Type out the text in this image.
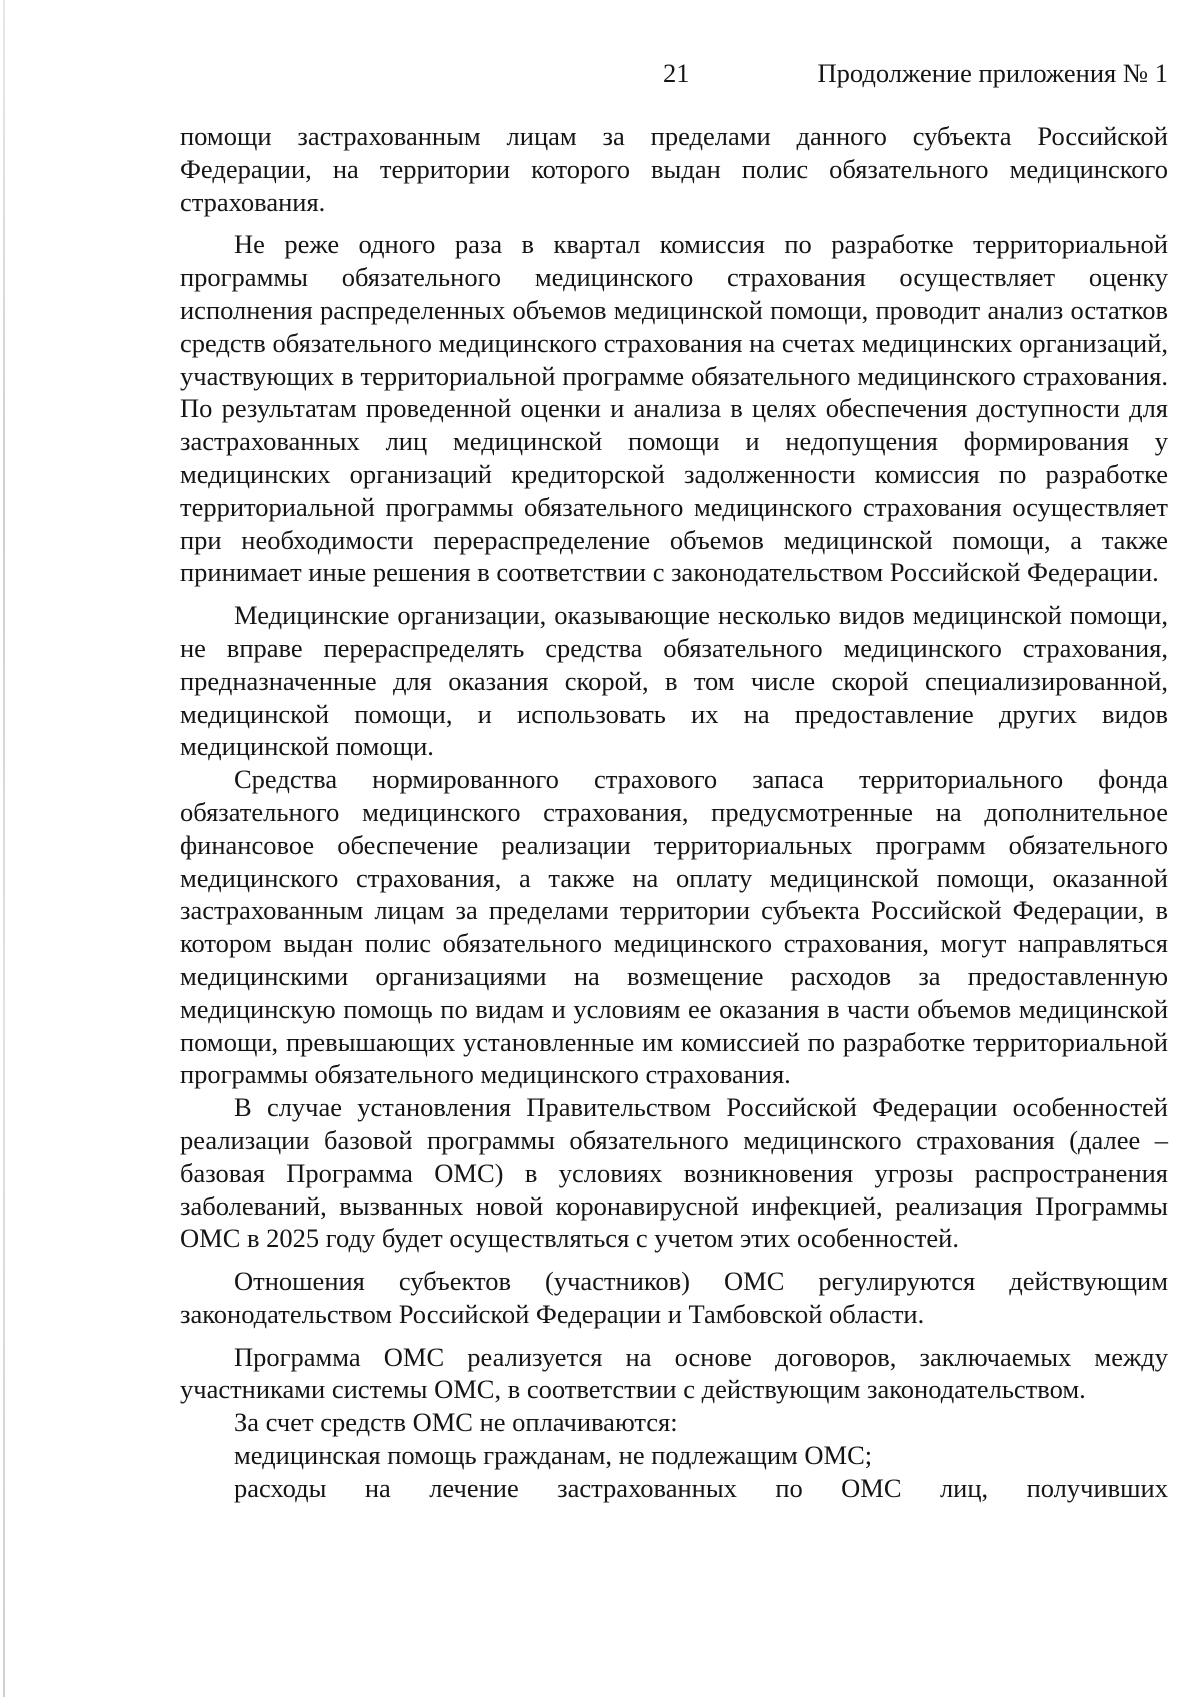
21	Продолжение приложения № 1

помощи застрахованным лицам за пределами данного субъекта Российской Федерации, на территории которого выдан полис обязательного медицинского страхования.

Не реже одного раза в квартал комиссия по разработке территориальной программы обязательного медицинского страхования осуществляет оценку исполнения распределенных объемов медицинской помощи, проводит анализ остатков средств обязательного медицинского страхования на счетах медицинских организаций, участвующих в территориальной программе обязательного медицинского страхования. По результатам проведенной оценки и анализа в целях обеспечения доступности для застрахованных лиц медицинской помощи и недопущения формирования у медицинских организаций кредиторской задолженности комиссия по разработке территориальной программы обязательного медицинского страхования осуществляет при необходимости перераспределение объемов медицинской помощи, а также принимает иные решения в соответствии с законодательством Российской Федерации.

Медицинские организации, оказывающие несколько видов медицинской помощи, не вправе перераспределять средства обязательного медицинского страхования, предназначенные для оказания скорой, в том числе скорой специализированной, медицинской помощи, и использовать их на предоставление других видов медицинской помощи.

Средства нормированного страхового запаса территориального фонда обязательного медицинского страхования, предусмотренные на дополнительное финансовое обеспечение реализации территориальных программ обязательного медицинского страхования, а также на оплату медицинской помощи, оказанной застрахованным лицам за пределами территории субъекта Российской Федерации, в котором выдан полис обязательного медицинского страхования, могут направляться медицинскими организациями на возмещение расходов за предоставленную медицинскую помощь по видам и условиям ее оказания в части объемов медицинской помощи, превышающих установленные им комиссией по разработке территориальной программы обязательного медицинского страхования.

В случае установления Правительством Российской Федерации особенностей реализации базовой программы обязательного медицинского страхования (далее – базовая Программа ОМС) в условиях возникновения угрозы распространения заболеваний, вызванных новой коронавирусной инфекцией, реализация Программы ОМС в 2025 году будет осуществляться с учетом этих особенностей.

Отношения субъектов (участников) ОМС регулируются действующим законодательством Российской Федерации и Тамбовской области.

Программа ОМС реализуется на основе договоров, заключаемых между участниками системы ОМС, в соответствии с действующим законодательством.

За счет средств ОМС не оплачиваются:

медицинская помощь гражданам, не подлежащим ОМС;

расходы на лечение застрахованных по ОМС лиц, получивших
